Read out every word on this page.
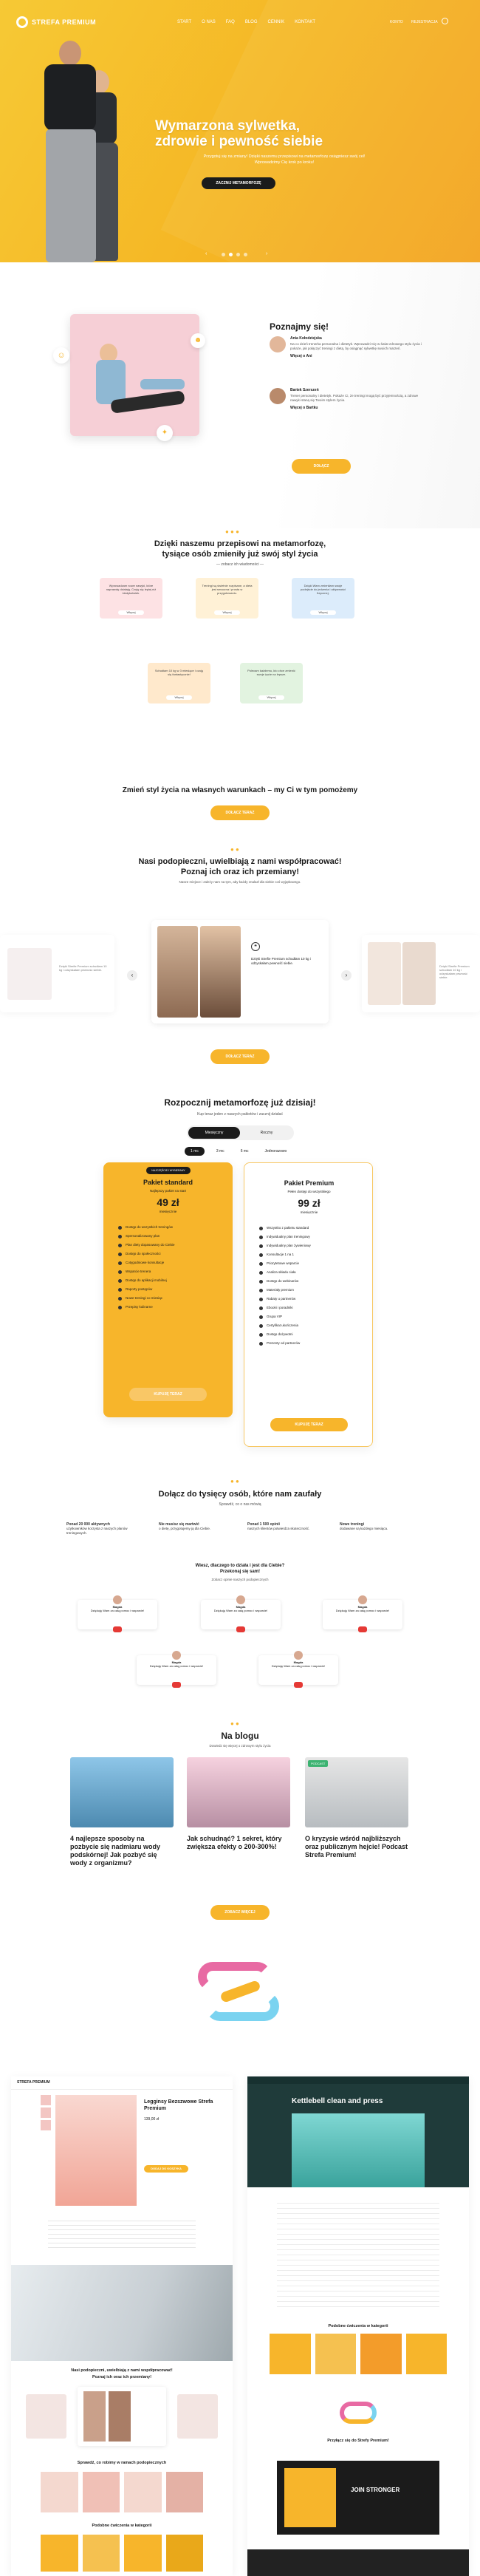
STREFA PREMIUM	START O NAS FAQ BLOG CENNIK KONTAKT	KONTO REJESTRACJA
Wymarzona sylwetka,
zdrowie i pewność siebie
Przygotuj się na zmiany! Dzięki naszemu przepisowi na metamorfozę osiągniesz swój cel!
Wprowadzimy Cię krok po kroku!
ZACZNIJ METAMORFOZĘ
‹	›
☺
☻
✦
Poznajmy się!
Ania Kołodziejska
Na co dzień trenerka personalna i dietetyk. Wprowadzi Cię w świat zdrowego stylu życia i pokaże, jak połączyć treningi z dietą, by osiągnąć sylwetkę swoich marzeń.
Więcej o Ani
Bartek Szerszeń
Trener personalny i dietetyk. Pokaże Ci, że treningi mogą być przyjemnością, a zdrowe nawyki staną się Twoim stylem życia.
Więcej o Bartku
DOŁĄCZ
● ● ●
Dzięki naszemu przepisowi na metamorfozę,
tysiące osób zmieniły już swój styl życia
— zobacz ich wiadomości —
Wprowadzam nowe nawyki, które naprawdę działają. Czuję się lepiej niż kiedykolwiek.
Więcej
Treningi są świetnie rozpisane, a dieta jest smaczna i prosta w przygotowaniu.
Więcej
Dzięki Wam zmieniłam swoje podejście do jedzenia i aktywności fizycznej.
Więcej
Schudłam 10 kg w 3 miesiące i czuję się fantastycznie!
Więcej
Polecam każdemu, kto chce zmienić swoje życie na lepsze.
Więcej
Zmień styl życia na własnych warunkach – my Ci w tym pomożemy
DOŁĄCZ TERAZ
● ●
Nasi podopieczni, uwielbiają z nami współpracować!
Poznaj ich oraz ich przemiany!
Nasze miejsce i zależy nam na tym, aby każdy znalazł dla siebie coś wyjątkowego.
Dzięki Strefie Premium schudłam 10 kg i odzyskałam pewność siebie.
‹
❝
Dzięki Strefie Premium schudłam 10 kg i odzyskałam pewność siebie.
›
Dzięki Strefie Premium schudłam 10 kg i odzyskałam pewność siebie.
DOŁĄCZ TERAZ
Rozpocznij metamorfozę już dzisiaj!
Kup teraz jeden z naszych pakietów i zacznij działać
Miesięczny	Roczny
1 mc	3 mc	6 mc	Jednorazowo
NAJCZĘŚCIEJ WYBIERANY
Pakiet standard
Najlepszy pakiet na start
49 zł
miesięcznie
Dostęp do wszystkich treningów
Spersonalizowany plan
Plan diety dopasowany do Ciebie
Dostęp do społeczności
Cotygodniowe konsultacje
Wsparcie trenera
Dostęp do aplikacji mobilnej
Raporty postępów
Nowe treningi co miesiąc
Przepisy kulinarne
KUPUJĘ TERAZ
Pakiet Premium
Pełen dostęp do wszystkiego
99 zł
miesięcznie
Wszystko z pakietu standard
Indywidualny plan treningowy
Indywidualny plan żywieniowy
Konsultacje 1 na 1
Priorytetowe wsparcie
Analiza składu ciała
Dostęp do webinarów
Materiały premium
Rabaty u partnerów
Ebooki i poradniki
Grupa VIP
Certyfikat ukończenia
Dostęp dożywotni
Prezenty od partnerów
KUPUJĘ TERAZ
● ●
Dołącz do tysięcy osób, które nam zaufały
Sprawdź, co o nas mówią
Ponad 20 000 aktywnych
użytkowników korzysta z naszych planów treningowych.
Nie musisz się martwić
o dietę, przygotujemy ją dla Ciebie.
Ponad 1 500 opinii
naszych klientów potwierdza skuteczność.
Nowe treningi
dodawane są każdego miesiąca.
Wiesz, dlaczego to działa i jest dla Ciebie?
Przekonaj się sam!
Zobacz opinie naszych podopiecznych
Magda
Dziękuję Wam za całą pomoc i wsparcie!
Magda
Dziękuję Wam za całą pomoc i wsparcie!
Magda
Dziękuję Wam za całą pomoc i wsparcie!
Magda
Dziękuję Wam za całą pomoc i wsparcie!
Magda
Dziękuję Wam za całą pomoc i wsparcie!
● ●
Na blogu
Dowiedz się więcej o zdrowym stylu życia
4 najlepsze sposoby na pozbycie się nadmiaru wody podskórnej! Jak pozbyć się wody z organizmu?
Jak schudnąć? 1 sekret, który zwiększa efekty o 200-300%!
PODCAST
O kryzysie wśród najbliższych oraz publicznym hejcie! Podcast Strefa Premium!
ZOBACZ WIĘCEJ
STREFA PREMIUM
Legginsy Bezszwowe Strefa Premium
139,00 zł
DODAJ DO KOSZYKA
Nasi podopieczni, uwielbiają z nami współpracować!
Poznaj ich oraz ich przemiany!
Sprawdź, co robimy w ramach podopiecznych
Podobne ćwiczenia w kategorii
Kettlebell clean and press
Podobne ćwiczenia w kategorii
Przyłącz się do Strefy Premium!
JOIN STRONGER
